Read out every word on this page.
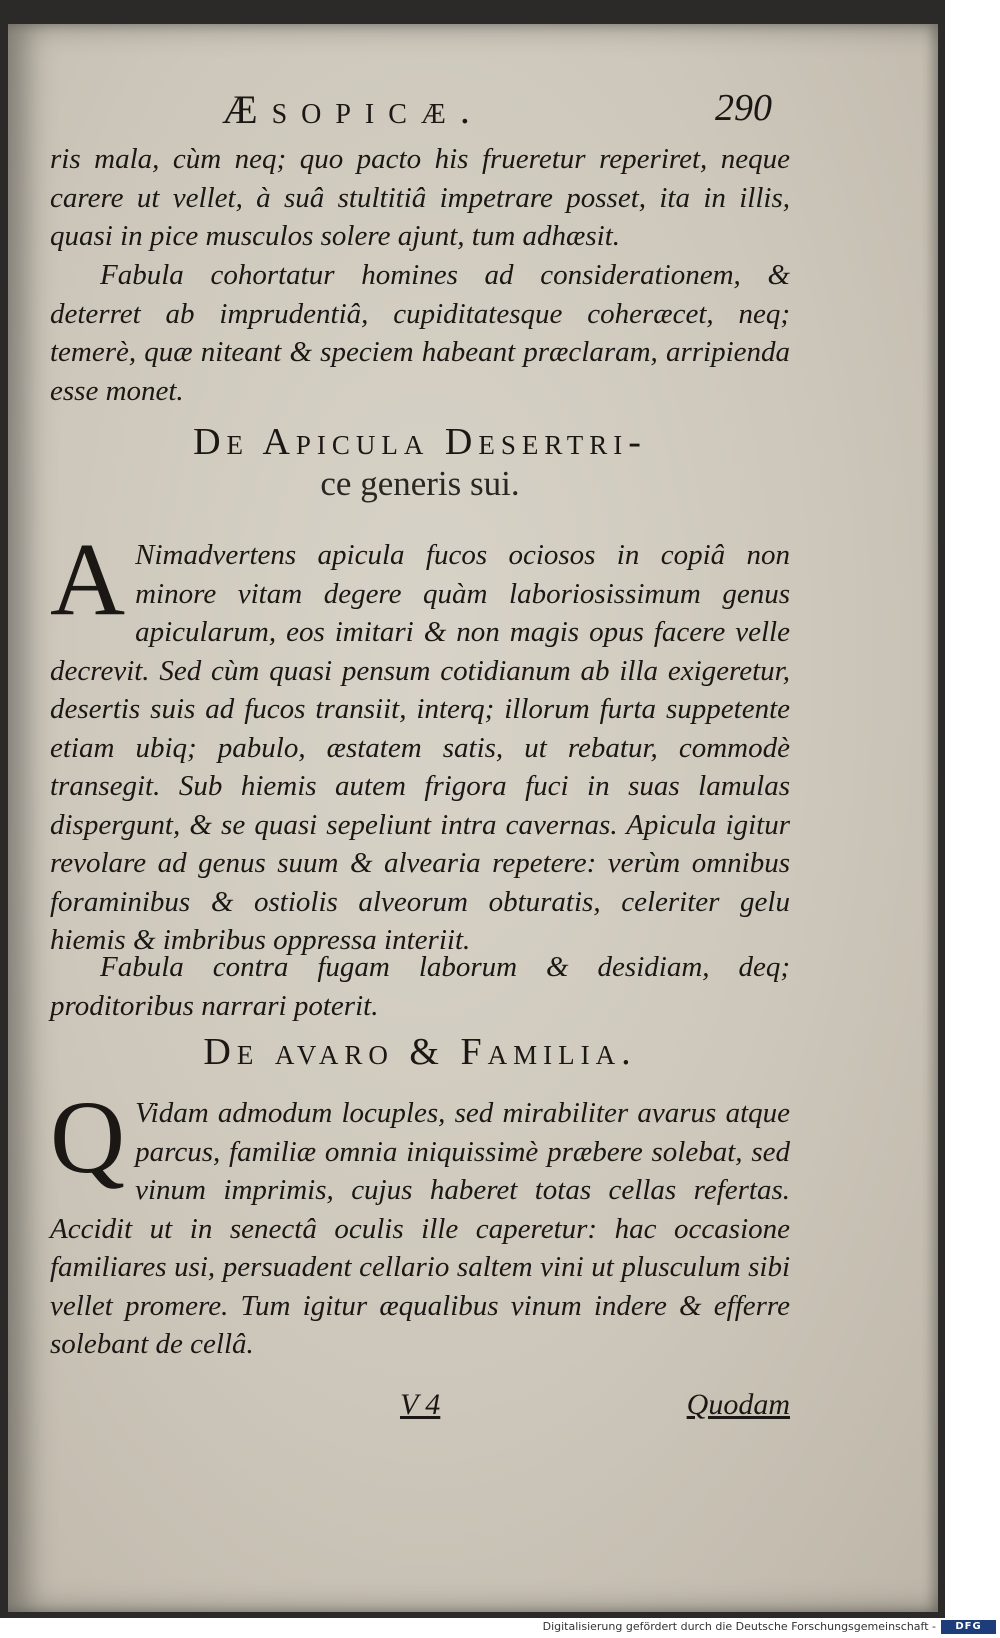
Æsopicæ.	290

ris mala, cùm neq; quo pacto his frueretur reperiret, neque carere ut vellet, à suâ stultitiâ impetrare posset, ita in illis, quasi in pice musculos solere ajunt, tum adhæsit.

Fabula cohortatur homines ad considerationem, & deterret ab imprudentiâ, cupiditatesque coheræcet, neq; temerè, quæ niteant & speciem habeant præclaram, arripienda esse monet.

De Apicula Desertri-

ce generis sui.

A Nimadvertens apicula fucos ociosos in copiâ non minore vitam degere quàm laboriosissimum genus apicularum, eos imitari & non magis opus facere velle decrevit. Sed cùm quasi pensum cotidianum ab illa exigeretur, desertis suis ad fucos transiit, interq; illorum furta suppetente etiam ubiq; pabulo, æstatem satis, ut rebatur, commodè transegit. Sub hiemis autem frigora fuci in suas lamulas dispergunt, & se quasi sepeliunt intra cavernas. Apicula igitur revolare ad genus suum & alvearia repetere: verùm omnibus foraminibus & ostiolis alveorum obturatis, celeriter gelu hiemis & imbribus oppressa interiit.

Fabula contra fugam laborum & desidiam, deq; proditoribus narrari poterit.

De avaro & Familia.

Q Vidam admodum locuples, sed mirabiliter avarus atque parcus, familiæ omnia iniquissimè præbere solebat, sed vinum imprimis, cujus haberet totas cellas refertas. Accidit ut in senectâ oculis ille caperetur: hac occasione familiares usi, persuadent cellario saltem vini ut plusculum sibi vellet promere. Tum igitur æqualibus vinum indere & efferre solebant de cellâ.
V 4	Quodam
Digitalisierung gefördert durch die Deutsche Forschungsgemeinschaft -	DFG
